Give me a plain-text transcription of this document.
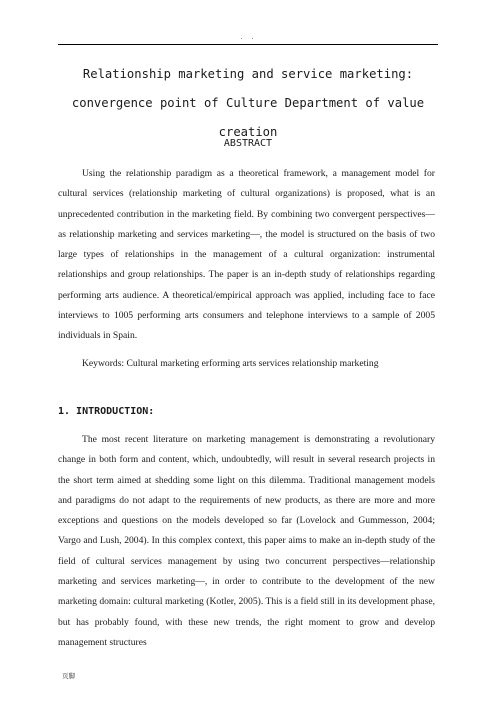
. .
Relationship marketing and service marketing: convergence point of Culture Department of value creation
ABSTRACT

Using the relationship paradigm as a theoretical framework, a management model for cultural services (relationship marketing of cultural organizations) is proposed, what is an unprecedented contribution in the marketing field. By combining two convergent perspectives—as relationship marketing and services marketing—, the model is structured on the basis of two large types of relationships in the management of a cultural organization: instrumental relationships and group relationships. The paper is an in-depth study of relationships regarding performing arts audience. A theoretical/empirical approach was applied, including face to face interviews to 1005 performing arts consumers and telephone interviews to a sample of 2005 individuals in Spain.

Keywords: Cultural marketing erforming arts services relationship marketing

1. INTRODUCTION:

The most recent literature on marketing management is demonstrating a revolutionary change in both form and content, which, undoubtedly, will result in several research projects in the short term aimed at shedding some light on this dilemma. Traditional management models and paradigms do not adapt to the requirements of new products, as there are more and more exceptions and questions on the models developed so far (Lovelock and Gummesson, 2004; Vargo and Lush, 2004). In this complex context, this paper aims to make an in-depth study of the field of cultural services management by using two concurrent perspectives—relationship marketing and services marketing—, in order to contribute to the development of the new marketing domain: cultural marketing (Kotler, 2005). This is a field still in its development phase, but has probably found, with these new trends, the right moment to grow and develop management structures

页脚
